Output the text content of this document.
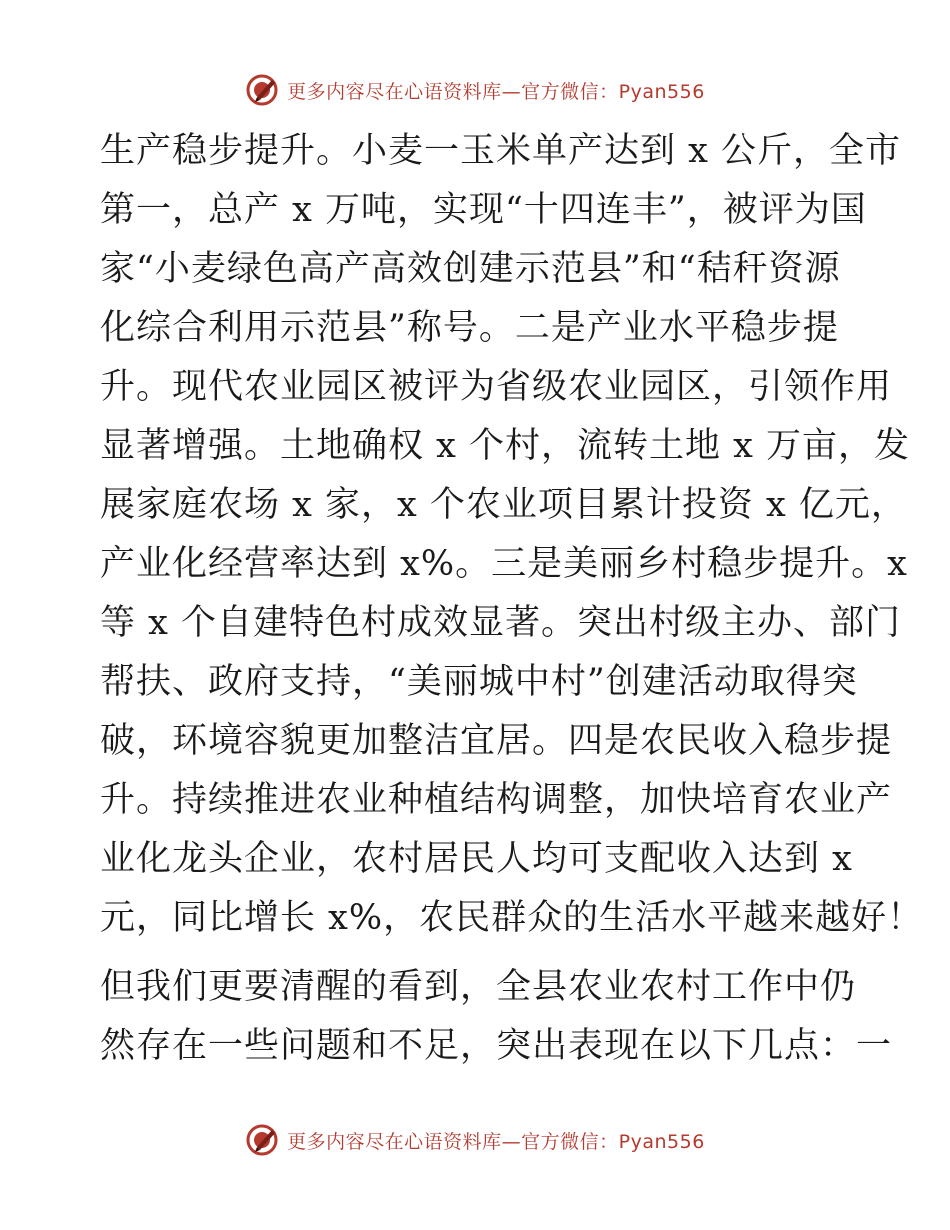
更多内容尽在心语资料库—官方微信：Pyan556
生产稳步提升。小麦一玉米单产达到 x 公斤，全市
第一，总产 x 万吨，实现“十四连丰”，被评为国
家“小麦绿色高产高效创建示范县”和“秸秆资源
化综合利用示范县”称号。二是产业水平稳步提
升。现代农业园区被评为省级农业园区，引领作用
显著增强。土地确权 x 个村，流转土地 x 万亩，发
展家庭农场 x 家，x 个农业项目累计投资 x 亿元，
产业化经营率达到 x%。三是美丽乡村稳步提升。x
等 x 个自建特色村成效显著。突出村级主办、部门
帮扶、政府支持，“美丽城中村”创建活动取得突
破，环境容貌更加整洁宜居。四是农民收入稳步提
升。持续推进农业种植结构调整，加快培育农业产
业化龙头企业，农村居民人均可支配收入达到 x
元，同比增长 x%，农民群众的生活水平越来越好！
但我们更要清醒的看到，全县农业农村工作中仍
然存在一些问题和不足，突出表现在以下几点：一
更多内容尽在心语资料库—官方微信：Pyan556
